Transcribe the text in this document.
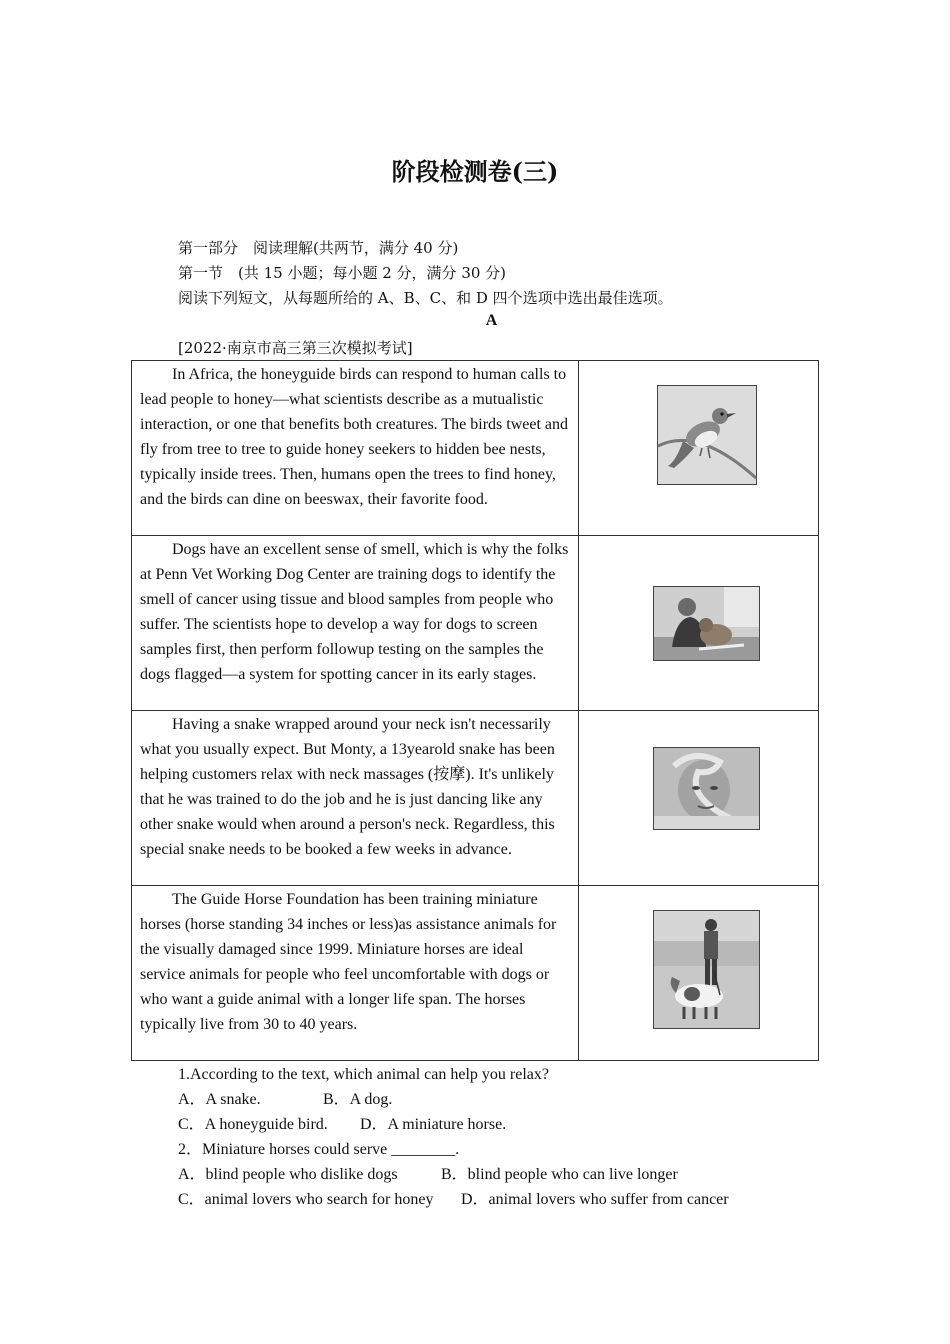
阶段检测卷(三)
第一部分　阅读理解(共两节，满分 40 分)
第一节　(共 15 小题；每小题 2 分，满分 30 分)
阅读下列短文，从每题所给的 A、B、C、和 D 四个选项中选出最佳选项。
A
[2022·南京市高三第三次模拟考试]

In Africa, the honeyguide birds can respond to human calls to lead people to honey—what scientists describe as a mutualistic interaction, or one that benefits both creatures. The birds tweet and fly from tree to tree to guide honey seekers to hidden bee nests, typically inside trees. Then, humans open the trees to find honey, and the birds can dine on beeswax, their favorite food.

Dogs have an excellent sense of smell, which is why the folks at Penn Vet Working Dog Center are training dogs to identify the smell of cancer using tissue and blood samples from people who suffer. The scientists hope to develop a way for dogs to screen samples first, then perform followup testing on the samples the dogs flagged—a system for spotting cancer in its early stages.

Having a snake wrapped around your neck isn't necessarily what you usually expect. But Monty, a 13yearold snake has been helping customers relax with neck massages (按摩). It's unlikely that he was trained to do the job and he is just dancing like any other snake would when around a person's neck. Regardless, this special snake needs to be booked a few weeks in advance.

The Guide Horse Foundation has been training miniature horses (horse standing 34 inches or less)as assistance animals for the visually damaged since 1999. Miniature horses are ideal service animals for people who feel uncomfortable with dogs or who want a guide animal with a longer life span. The horses typically live from 30 to 40 years.

1.According to the text, which animal can help you relax?
A．A snake.	B．A dog.
C．A honeyguide bird. D．A miniature horse.
2．Miniature horses could serve ________.
A．blind people who dislike dogs	B．blind people who can live longer
C．animal lovers who search for honey D．animal lovers who suffer from cancer
